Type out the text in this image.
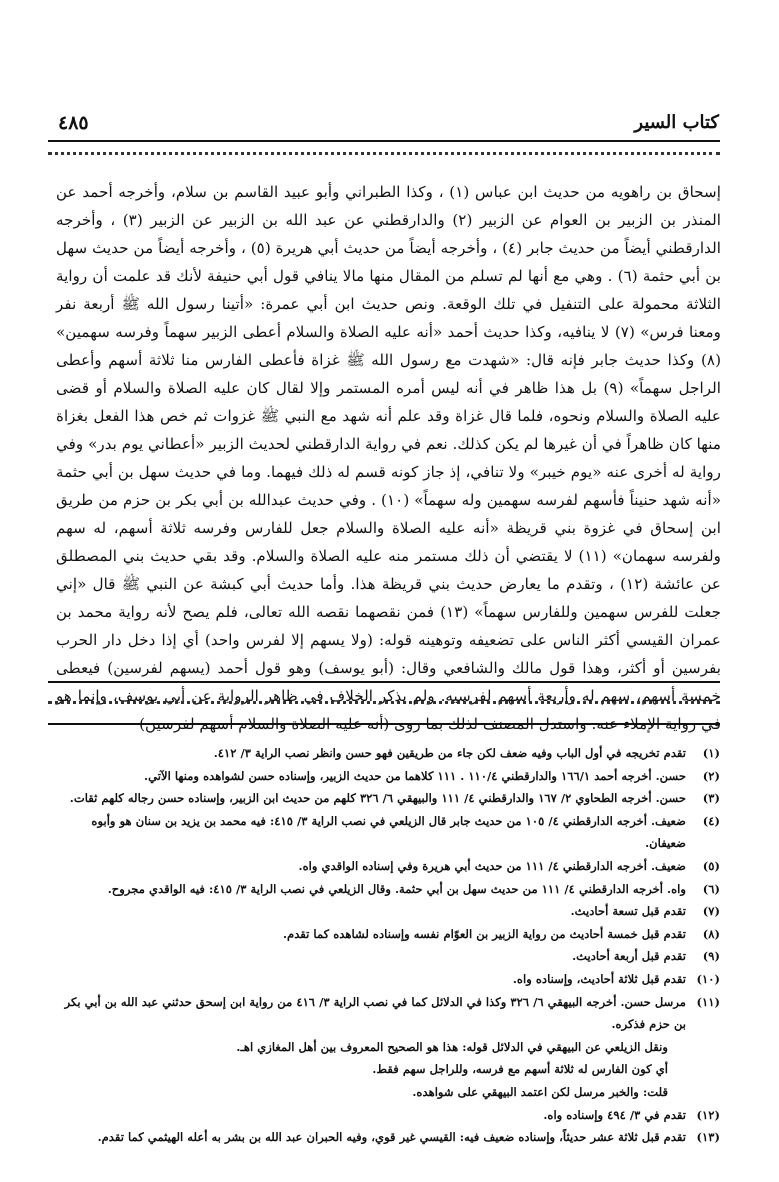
٤٨٥	كتاب السير

إسحاق بن راهويه من حديث ابن عباس (١) ، وكذا الطبراني وأبو عبيد القاسم بن سلام، وأخرجه أحمد عن المنذر بن الزبير بن العوام عن الزبير (٢) والدارقطني عن عبد الله بن الزبير عن الزبير (٣) ، وأخرجه الدارقطني أيضاً من حديث جابر (٤) ، وأخرجه أيضاً من حديث أبي هريرة (٥) ، وأخرجه أيضاً من حديث سهل بن أبي حثمة (٦) . وهي مع أنها لم تسلم من المقال منها مالا ينافي قول أبي حنيفة لأنك قد علمت أن رواية الثلاثة محمولة على التنفيل في تلك الوقعة. ونص حديث ابن أبي عمرة: «أتينا رسول الله ﷺ أربعة نفر ومعنا فرس» (٧) لا ينافيه، وكذا حديث أحمد «أنه عليه الصلاة والسلام أعطى الزبير سهماً وفرسه سهمين» (٨) وكذا حديث جابر فإنه قال: «شهدت مع رسول الله ﷺ غزاة فأعطى الفارس منا ثلاثة أسهم وأعطى الراجل سهماً» (٩) بل هذا ظاهر في أنه ليس أمره المستمر وإلا لقال كان عليه الصلاة والسلام أو قضى عليه الصلاة والسلام ونحوه، فلما قال غزاة وقد علم أنه شهد مع النبي ﷺ غزوات ثم خص هذا الفعل بغزاة منها كان ظاهراً في أن غيرها لم يكن كذلك. نعم في رواية الدارقطني لحديث الزبير «أعطاني يوم بدر» وفي رواية له أخرى عنه «يوم خيبر» ولا تنافي، إذ جاز كونه قسم له ذلك فيهما. وما في حديث سهل بن أبي حثمة «أنه شهد حنيناً فأسهم لفرسه سهمين وله سهماً» (١٠) . وفي حديث عبدالله بن أبي بكر بن حزم من طريق ابن إسحاق في غزوة بني قريظة «أنه عليه الصلاة والسلام جعل للفارس وفرسه ثلاثة أسهم، له سهم ولفرسه سهمان» (١١) لا يقتضي أن ذلك مستمر منه عليه الصلاة والسلام. وقد بقي حديث بني المصطلق عن عائشة (١٢) ، وتقدم ما يعارض حديث بني قريظة هذا. وأما حديث أبي كبشة عن النبي ﷺ قال «إني جعلت للفرس سهمين وللفارس سهماً» (١٣) فمن نقصهما نقصه الله تعالى، فلم يصح لأنه رواية محمد بن عمران القيسي أكثر الناس على تضعيفه وتوهينه قوله: (ولا يسهم إلا لفرس واحد) أي إذا دخل دار الحرب بفرسين أو أكثر، وهذا قول مالك والشافعي وقال: (أبو يوسف) وهو قول أحمد (يسهم لفرسين) فيعطى خمسة أسهم، سهم له وأربعة أسهم لفرسيه. ولم يذكر الخلاف في ظاهر الرواية عن أبي يوسف، وإنما هو في رواية الإملاء عنه. واستدل المصنف لذلك بما روى (أنه عليه الصلاة والسلام أسهم لفرسين)

(١)
تقدم تخريجه في أول الباب وفيه ضعف لكن جاء من طريقين فهو حسن وانظر نصب الراية ٣/ ٤١٢.
(٢)
حسن. أخرجه أحمد ١٦٦/١ والدارقطني ١١٠/٤ . ١١١ كلاهما من حديث الزبير، وإسناده حسن لشواهده ومنها الآتي.
(٣)
حسن. أخرجه الطحاوي ٢/ ١٦٧ والدارقطني ٤/ ١١١ والبيهقي ٦/ ٣٢٦ كلهم من حديث ابن الزبير، وإسناده حسن رجاله كلهم ثقات.
(٤)
ضعيف. أخرجه الدارقطني ٤/ ١٠٥ من حديث جابر قال الزيلعي في نصب الراية ٣/ ٤١٥: فيه محمد بن يزيد بن سنان هو وأبوه ضعيفان.
(٥)
ضعيف. أخرجه الدارقطني ٤/ ١١١ من حديث أبي هريرة وفي إسناده الواقدي واه.
(٦)
واه. أخرجه الدارقطني ٤/ ١١١ من حديث سهل بن أبي حثمة. وقال الزيلعي في نصب الراية ٣/ ٤١٥: فيه الواقدي مجروح.
(٧)
تقدم قبل تسعة أحاديث.
(٨)
تقدم قبل خمسة أحاديث من رواية الزبير بن العوّام نفسه وإسناده لشاهده كما تقدم.
(٩)
تقدم قبل أربعة أحاديث.
(١٠)
تقدم قبل ثلاثة أحاديث، وإسناده واه.
(١١)
مرسل حسن. أخرجه البيهقي ٦/ ٣٢٦ وكذا في الدلائل كما في نصب الراية ٣/ ٤١٦ من رواية ابن إسحق حدثني عبد الله بن أبي بكر بن حزم فذكره.
ونقل الزيلعي عن البيهقي في الدلائل قوله: هذا هو الصحيح المعروف بين أهل المغازي اهـ.
أي كون الفارس له ثلاثة أسهم مع فرسه، وللراجل سهم فقط.
قلت: والخبر مرسل لكن اعتمد البيهقي على شواهده.
(١٢)
تقدم في ٣/ ٤٩٤ وإسناده واه.
(١٣)
تقدم قبل ثلاثة عشر حديثاً، وإسناده ضعيف فيه: القيسي غير قوي، وفيه الحبران عبد الله بن بشر به أعله الهيثمي كما تقدم.
